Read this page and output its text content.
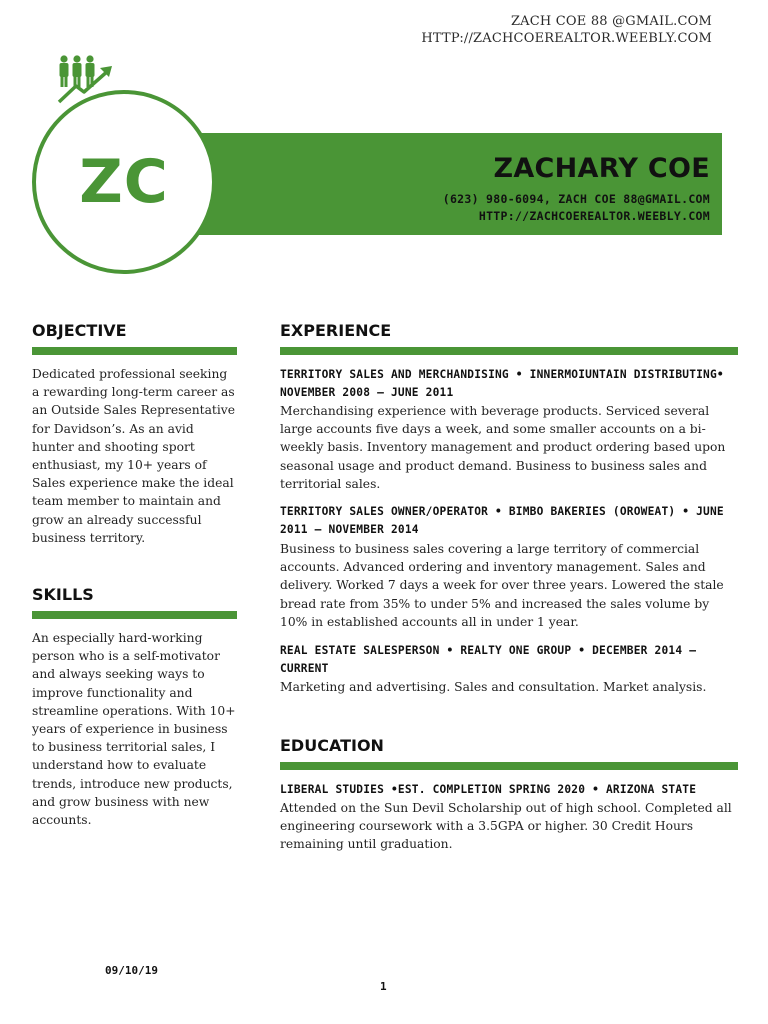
ZACH COE 88 @GMAIL.COM
HTTP://ZACHCOEREALTOR.WEEBLY.COM
ZACHARY COE
(623) 980-6094, ZACH COE 88@GMAIL.COM
HTTP://ZACHCOEREALTOR.WEEBLY.COM
ZC
OBJECTIVE
Dedicated professional seeking a rewarding long-term career as an Outside Sales Representative for Davidson’s. As an avid hunter and shooting sport enthusiast, my 10+ years of Sales experience make the ideal team member to maintain and grow an already successful business territory.
SKILLS
An especially hard-working person who is a self-motivator and always seeking ways to improve functionality and streamline operations. With 10+ years of experience in business to business territorial sales, I understand how to evaluate trends, introduce new products, and grow business with new accounts.
EXPERIENCE
TERRITORY SALES AND MERCHANDISING • INNERMOIUNTAIN DISTRIBUTING• NOVEMBER 2008 – JUNE 2011
Merchandising experience with beverage products. Serviced several large accounts five days a week, and some smaller accounts on a bi-weekly basis. Inventory management and product ordering based upon seasonal usage and product demand. Business to business sales and territorial sales.
TERRITORY SALES OWNER/OPERATOR • BIMBO BAKERIES (OROWEAT) • JUNE 2011 – NOVEMBER 2014
Business to business sales covering a large territory of commercial accounts. Advanced ordering and inventory management. Sales and delivery. Worked 7 days a week for over three years. Lowered the stale bread rate from 35% to under 5% and increased the sales volume by 10% in established accounts all in under 1 year.
REAL ESTATE SALESPERSON • REALTY ONE GROUP • DECEMBER 2014 – CURRENT
Marketing and advertising. Sales and consultation. Market analysis.
EDUCATION
LIBERAL STUDIES •EST. COMPLETION SPRING 2020 • ARIZONA STATE
Attended on the Sun Devil Scholarship out of high school. Completed all engineering coursework with a 3.5GPA or higher. 30 Credit Hours remaining until graduation.
09/10/19
1
